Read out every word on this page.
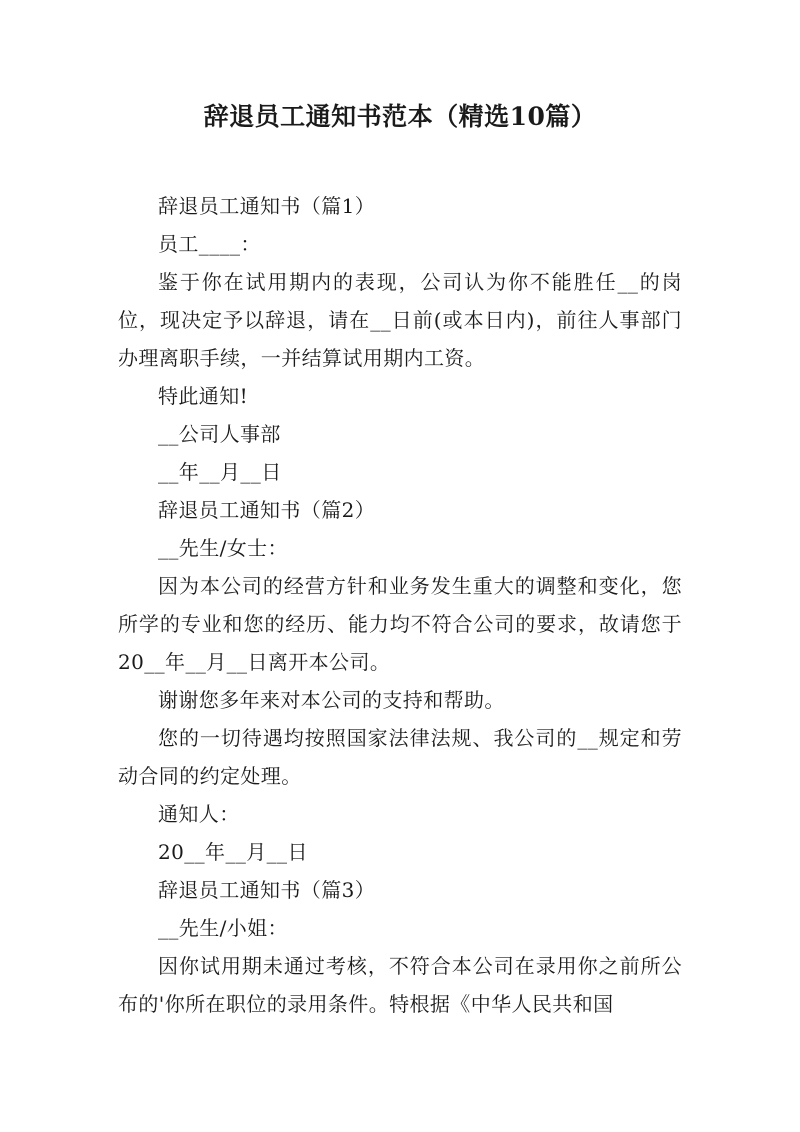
辞退员工通知书范本（精选10篇）

辞退员工通知书（篇1）

员工____：

鉴于你在试用期内的表现，公司认为你不能胜任__的岗位，现决定予以辞退，请在__日前(或本日内)，前往人事部门办理离职手续，一并结算试用期内工资。

特此通知!

__公司人事部

__年__月__日

辞退员工通知书（篇2）

__先生/女士：

因为本公司的经营方针和业务发生重大的调整和变化，您所学的专业和您的经历、能力均不符合公司的要求，故请您于20__年__月__日离开本公司。

谢谢您多年来对本公司的支持和帮助。

您的一切待遇均按照国家法律法规、我公司的__规定和劳动合同的约定处理。

通知人：

20__年__月__日

辞退员工通知书（篇3）

__先生/小姐：

因你试用期未通过考核，不符合本公司在录用你之前所公布的'你所在职位的录用条件。特根据《中华人民共和国
